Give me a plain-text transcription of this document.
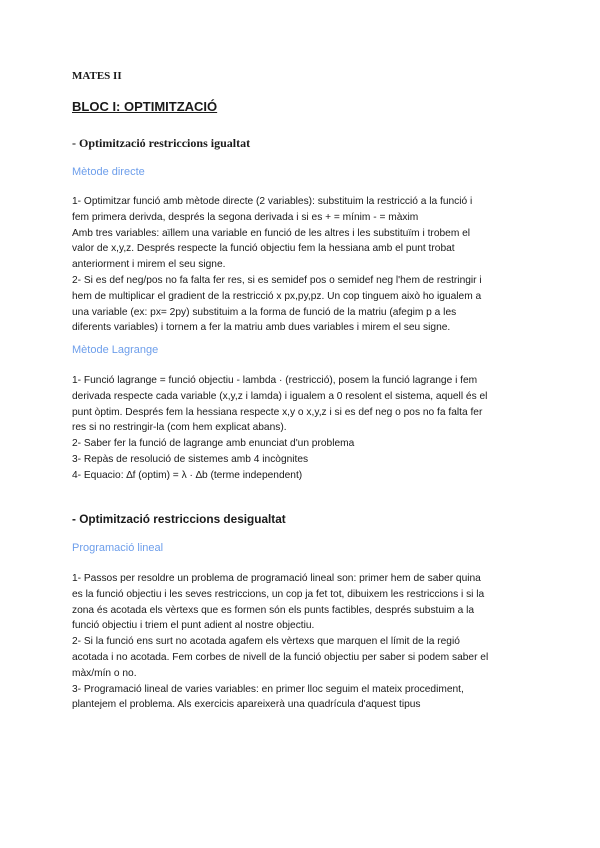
MATES II
BLOC I: OPTIMITZACIÓ
- Optimització restriccions igualtat
Mètode directe
1- Optimitzar funció amb mètode directe (2 variables): substituim la restricció a la funció i
fem primera derivda, després la segona derivada i si es + = mínim - = màxim
Amb tres variables: aïllem una variable en funció de les altres i les substituïm i trobem el
valor de x,y,z. Després respecte la funció objectiu fem la hessiana amb el punt trobat
anteriorment i mirem el seu signe.
2- Si es def neg/pos no fa falta fer res, si es semidef pos o semidef neg l'hem de restringir i
hem de multiplicar el gradient de la restricció x px,py,pz. Un cop tinguem això ho igualem a
una variable (ex: px= 2py) substituim a la forma de funció de la matriu (afegim p a les
diferents variables) i tornem a fer la matriu amb dues variables i mirem el seu signe.
Mètode Lagrange
1- Funció lagrange = funció objectiu - lambda · (restricció), posem la funció lagrange i fem
derivada respecte cada variable (x,y,z i lamda) i igualem a 0 resolent el sistema, aquell és el
punt òptim. Després fem la hessiana respecte x,y o x,y,z i si es def neg o pos no fa falta fer
res si no restringir-la (com hem explicat abans).
2- Saber fer la funció de lagrange amb enunciat d'un problema
3- Repàs de resolució de sistemes amb 4 incògnites
4- Equacio: ∆f (optim) = λ · ∆b (terme independent)
- Optimització restriccions desigualtat
Programació lineal
1- Passos per resoldre un problema de programació lineal son: primer hem de saber quina
es la funció objectiu i les seves restriccions, un cop ja fet tot, dibuixem les restriccions i si la
zona és acotada els vèrtexs que es formen són els punts factibles, després substuim a la
funció objectiu i triem el punt adient al nostre objectiu.
2- Si la funció ens surt no acotada agafem els vèrtexs que marquen el límit de la regió
acotada i no acotada. Fem corbes de nivell de la funció objectiu per saber si podem saber el
màx/mín o no.
3- Programació lineal de varies variables: en primer lloc seguim el mateix procediment,
plantejem el problema. Als exercicis apareixerà una quadrícula d'aquest tipus
